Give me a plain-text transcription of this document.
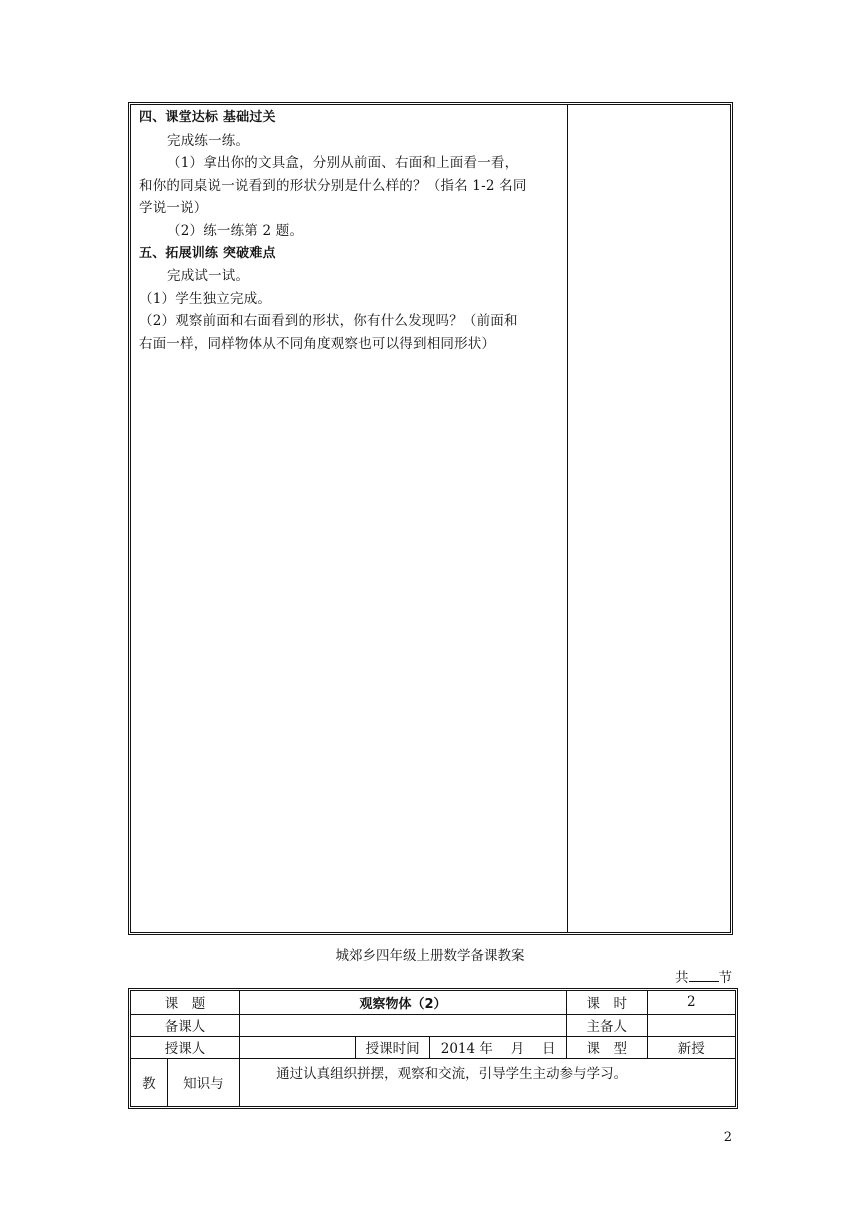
四、课堂达标 基础过关
完成练一练。
（1）拿出你的文具盒，分别从前面、右面和上面看一看，
和你的同桌说一说看到的形状分别是什么样的？（指名 1-2 名同
学说一说）
（2）练一练第 2 题。
五、拓展训练 突破难点
完成试一试。
（1）学生独立完成。
（2）观察前面和右面看到的形状，你有什么发现吗？（前面和
右面一样，同样物体从不同角度观察也可以得到相同形状）
城郊乡四年级上册数学备课教案
共 节
课　题		观察物体（2）			课　时	2
备课人					主备人	
授课人			授课时间	2014 年　 月　 日	课　型	新授
教	知识与	通过认真组织拼摆，观察和交流，引导学生主动参与学习。				
2
